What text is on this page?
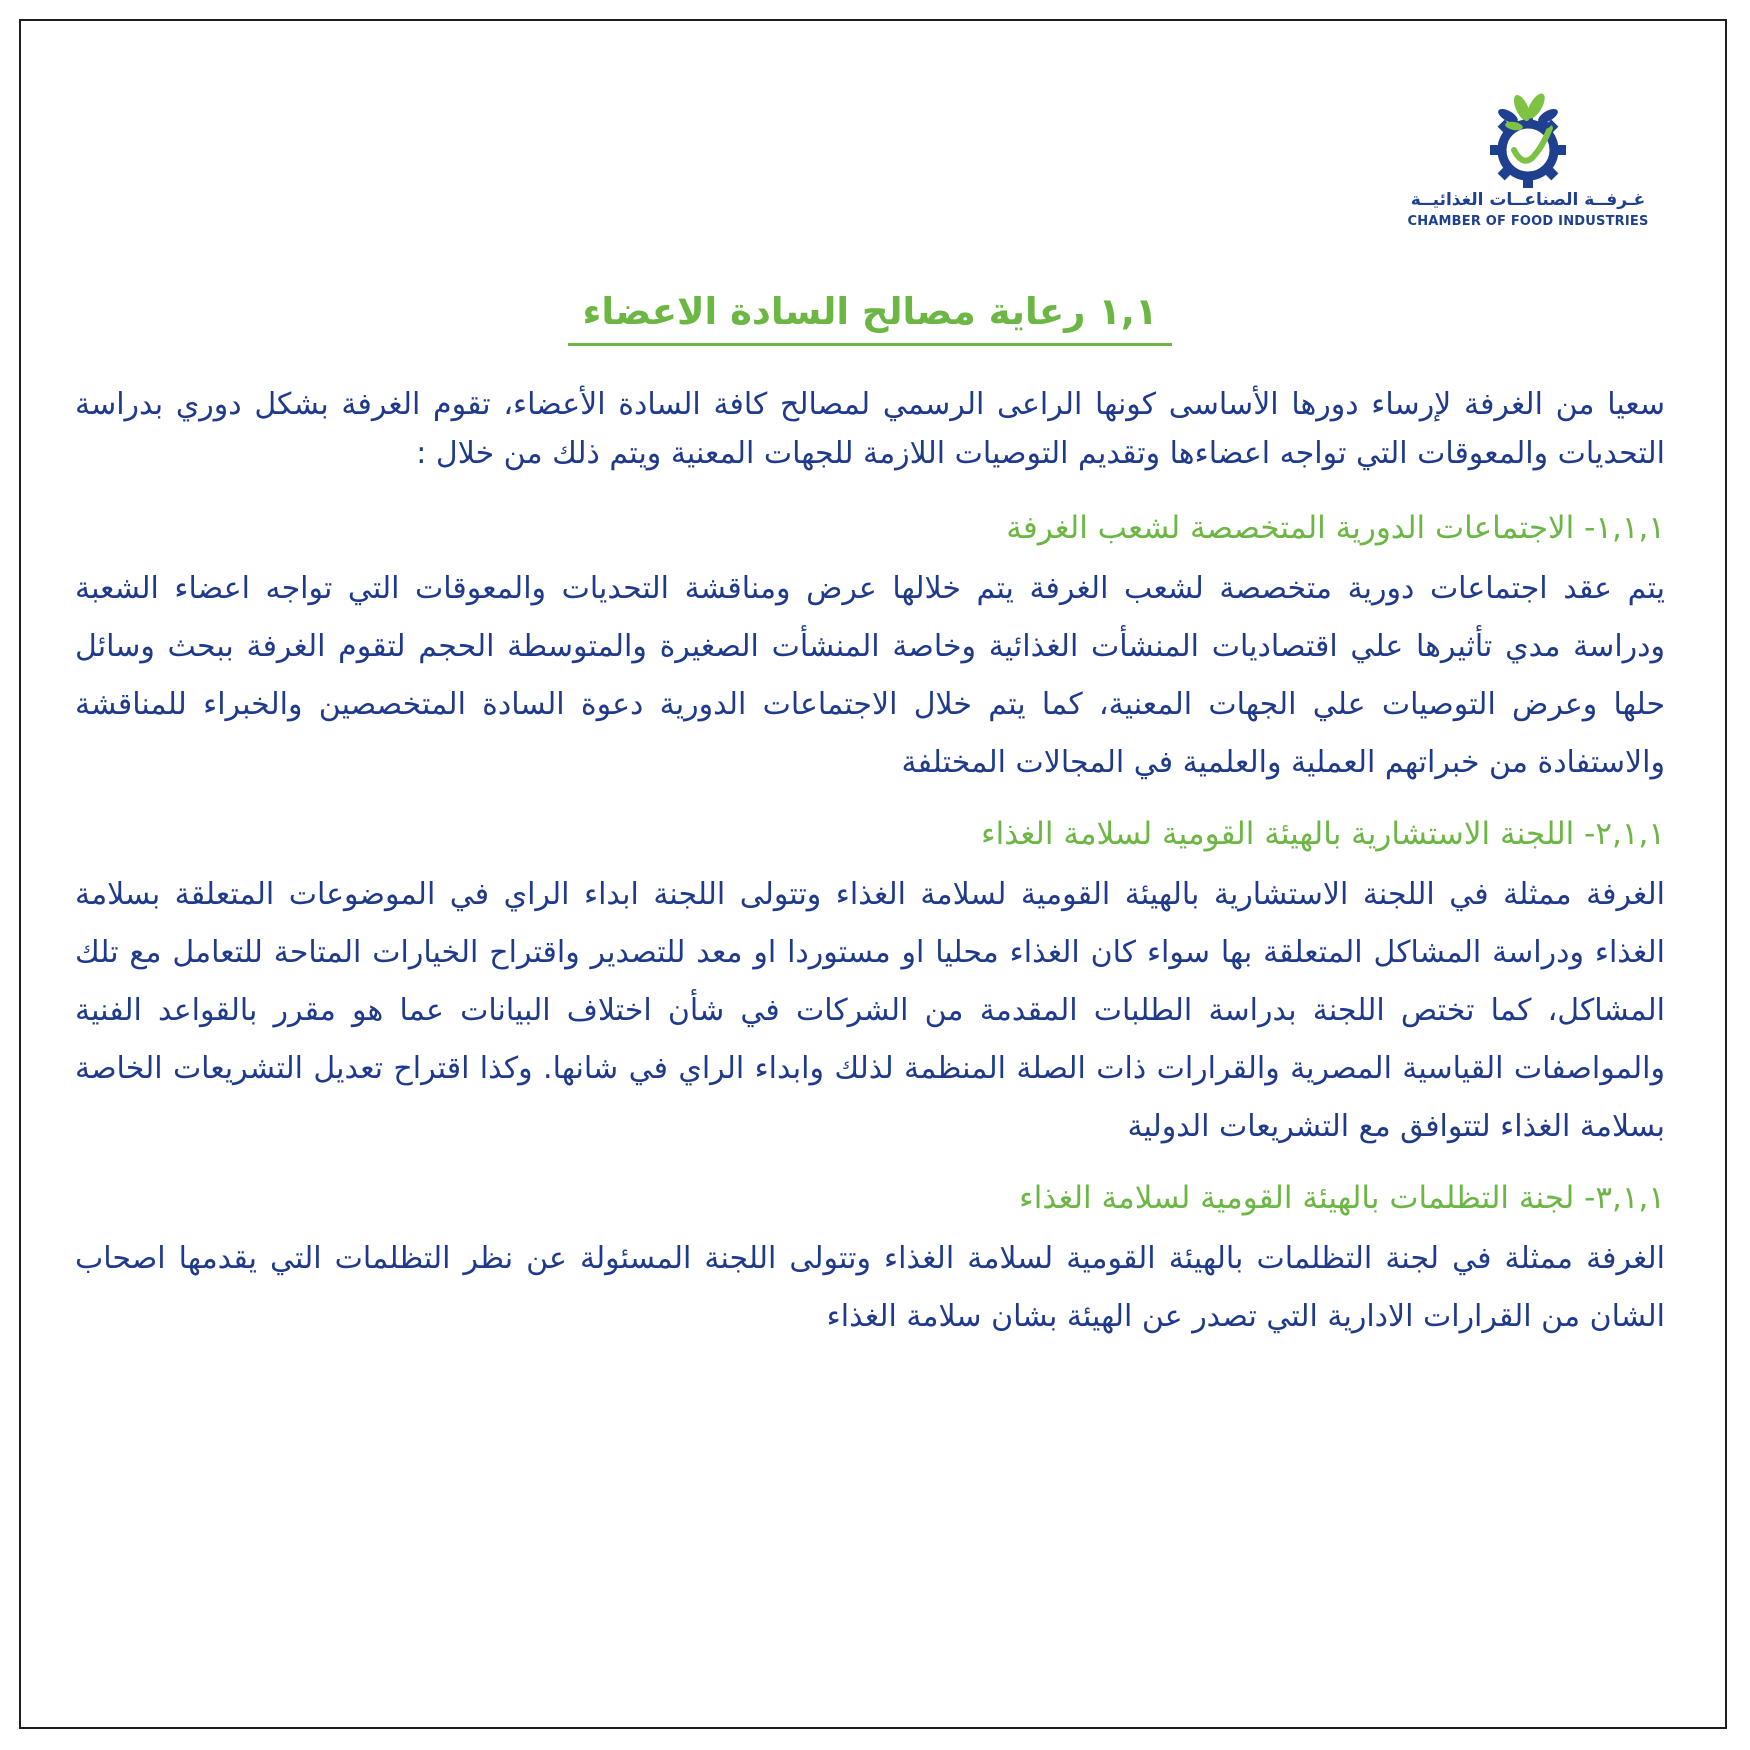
غـرفــة الصناعــات الغذائيــة
CHAMBER OF FOOD INDUSTRIES
١,١ رعاية مصالح السادة الاعضاء

سعيا من الغرفة لإرساء دورها الأساسى كونها الراعى الرسمي لمصالح كافة السادة الأعضاء، تقوم الغرفة بشكل دوري بدراسة التحديات والمعوقات التي تواجه اعضاءها وتقديم التوصيات اللازمة للجهات المعنية ويتم ذلك من خلال :

١,١,١- الاجتماعات الدورية المتخصصة لشعب الغرفة

يتم عقد اجتماعات دورية متخصصة لشعب الغرفة يتم خلالها عرض ومناقشة التحديات والمعوقات التي تواجه اعضاء الشعبة ودراسة مدي تأثيرها علي اقتصاديات المنشأت الغذائية وخاصة المنشأت الصغيرة والمتوسطة الحجم لتقوم الغرفة ببحث وسائل حلها وعرض التوصيات علي الجهات المعنية، كما يتم خلال الاجتماعات الدورية دعوة السادة المتخصصين والخبراء للمناقشة والاستفادة من خبراتهم العملية والعلمية في المجالات المختلفة

٢,١,١- اللجنة الاستشارية بالهيئة القومية لسلامة الغذاء

الغرفة ممثلة في اللجنة الاستشارية بالهيئة القومية لسلامة الغذاء وتتولى اللجنة ابداء الراي في الموضوعات المتعلقة بسلامة الغذاء ودراسة المشاكل المتعلقة بها سواء كان الغذاء محليا او مستوردا او معد للتصدير واقتراح الخيارات المتاحة للتعامل مع تلك المشاكل، كما تختص اللجنة بدراسة الطلبات المقدمة من الشركات في شأن اختلاف البيانات عما هو مقرر بالقواعد الفنية والمواصفات القياسية المصرية والقرارات ذات الصلة المنظمة لذلك وابداء الراي في شانها. وكذا اقتراح تعديل التشريعات الخاصة بسلامة الغذاء لتتوافق مع التشريعات الدولية

٣,١,١- لجنة التظلمات بالهيئة القومية لسلامة الغذاء

الغرفة ممثلة في لجنة التظلمات بالهيئة القومية لسلامة الغذاء وتتولى اللجنة المسئولة عن نظر التظلمات التي يقدمها اصحاب الشان من القرارات الادارية التي تصدر عن الهيئة بشان سلامة الغذاء
